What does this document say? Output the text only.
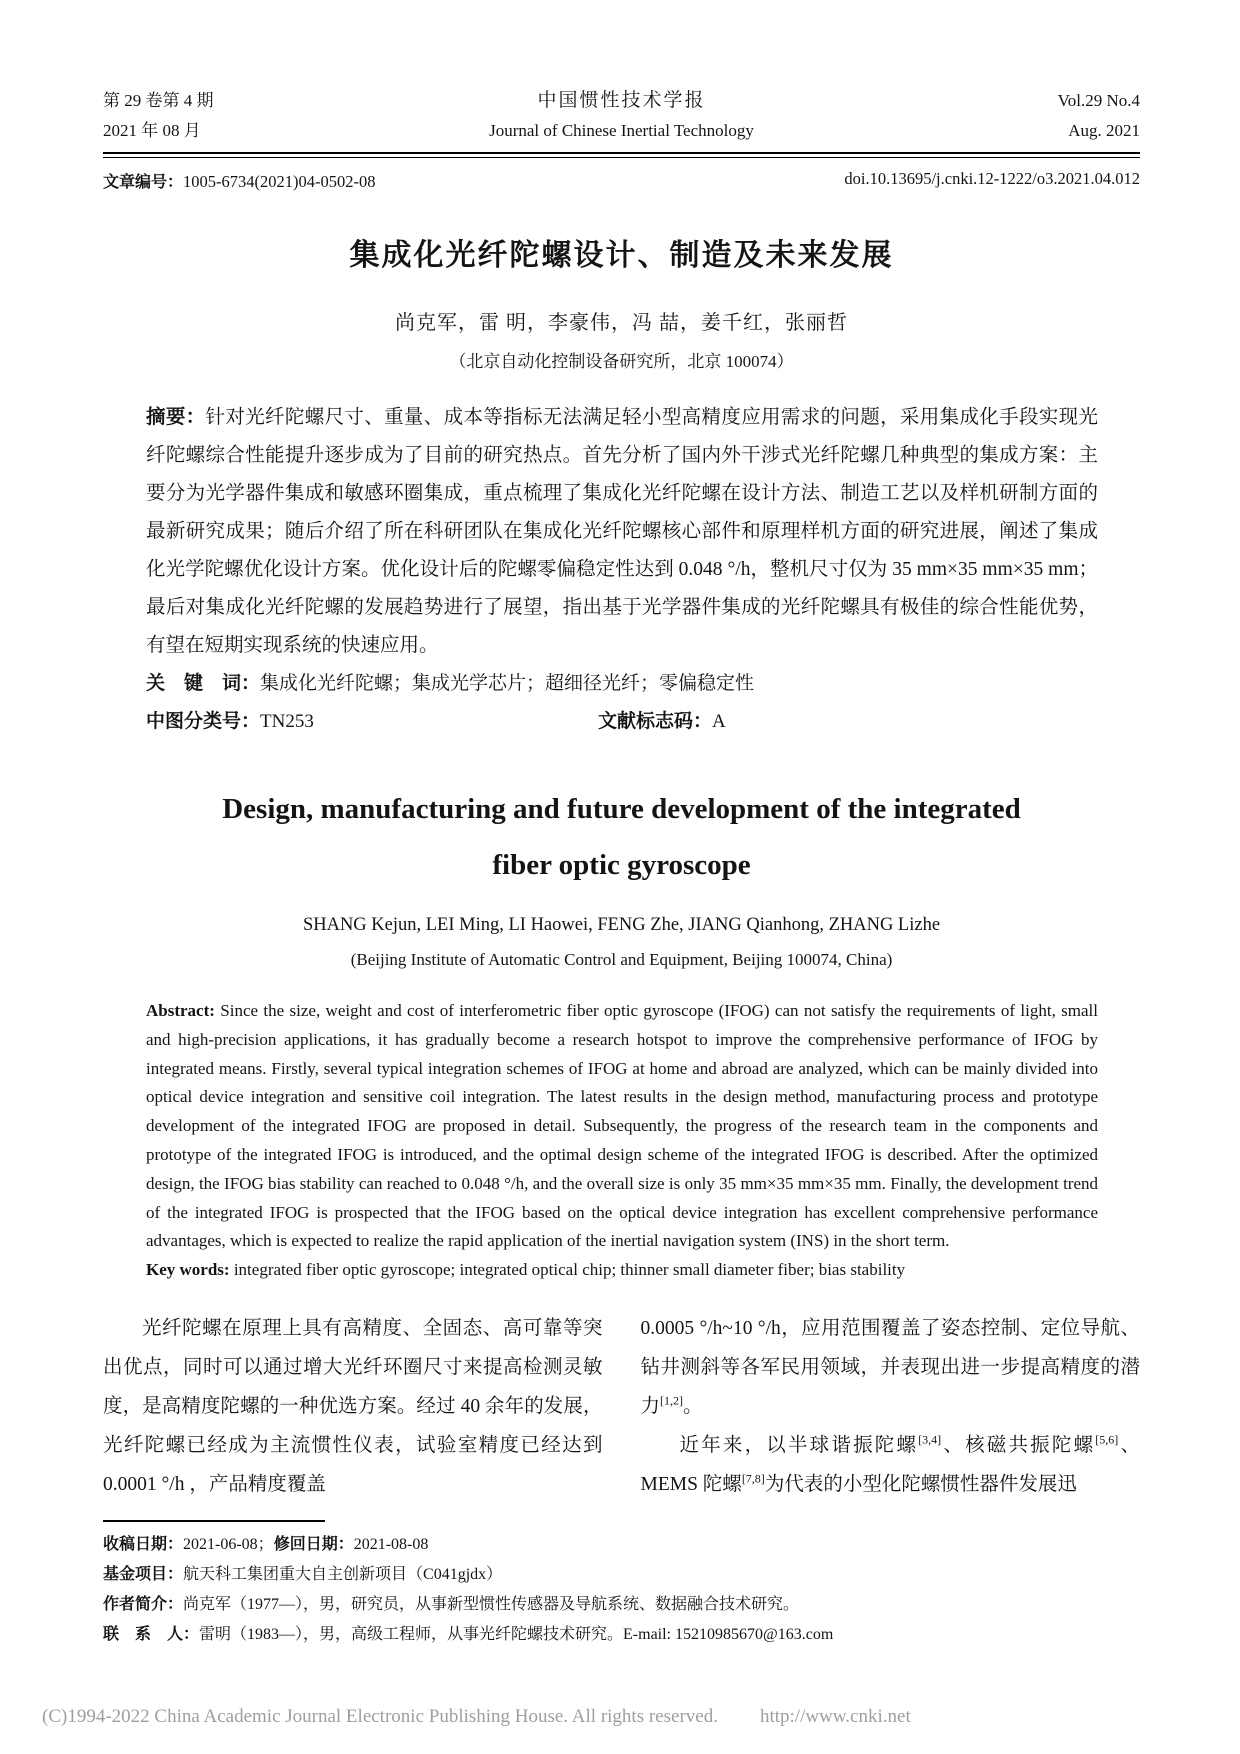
第 29 卷第 4 期
2021 年 08 月
中国惯性技术学报
Journal of Chinese Inertial Technology
Vol.29 No.4
Aug. 2021
文章编号：1005-6734(2021)04-0502-08	doi.10.13695/j.cnki.12-1222/o3.2021.04.012
集成化光纤陀螺设计、制造及未来发展
尚克军，雷 明，李豪伟，冯 喆，姜千红，张丽哲
（北京自动化控制设备研究所，北京 100074）
摘要：针对光纤陀螺尺寸、重量、成本等指标无法满足轻小型高精度应用需求的问题，采用集成化手段实现光纤陀螺综合性能提升逐步成为了目前的研究热点。首先分析了国内外干涉式光纤陀螺几种典型的集成方案：主要分为光学器件集成和敏感环圈集成，重点梳理了集成化光纤陀螺在设计方法、制造工艺以及样机研制方面的最新研究成果；随后介绍了所在科研团队在集成化光纤陀螺核心部件和原理样机方面的研究进展，阐述了集成化光学陀螺优化设计方案。优化设计后的陀螺零偏稳定性达到 0.048 °/h，整机尺寸仅为 35 mm×35 mm×35 mm；最后对集成化光纤陀螺的发展趋势进行了展望，指出基于光学器件集成的光纤陀螺具有极佳的综合性能优势，有望在短期实现系统的快速应用。
关　键　词：集成化光纤陀螺；集成光学芯片；超细径光纤；零偏稳定性
中图分类号：TN253	文献标志码：A
Design, manufacturing and future development of the integrated
fiber optic gyroscope
SHANG Kejun, LEI Ming, LI Haowei, FENG Zhe, JIANG Qianhong, ZHANG Lizhe
(Beijing Institute of Automatic Control and Equipment, Beijing 100074, China)
Abstract: Since the size, weight and cost of interferometric fiber optic gyroscope (IFOG) can not satisfy the requirements of light, small and high-precision applications, it has gradually become a research hotspot to improve the comprehensive performance of IFOG by integrated means. Firstly, several typical integration schemes of IFOG at home and abroad are analyzed, which can be mainly divided into optical device integration and sensitive coil integration. The latest results in the design method, manufacturing process and prototype development of the integrated IFOG are proposed in detail. Subsequently, the progress of the research team in the components and prototype of the integrated IFOG is introduced, and the optimal design scheme of the integrated IFOG is described. After the optimized design, the IFOG bias stability can reached to 0.048 °/h, and the overall size is only 35 mm×35 mm×35 mm. Finally, the development trend of the integrated IFOG is prospected that the IFOG based on the optical device integration has excellent comprehensive performance advantages, which is expected to realize the rapid application of the inertial navigation system (INS) in the short term.
Key words: integrated fiber optic gyroscope; integrated optical chip; thinner small diameter fiber; bias stability
光纤陀螺在原理上具有高精度、全固态、高可靠等突出优点，同时可以通过增大光纤环圈尺寸来提高检测灵敏度，是高精度陀螺的一种优选方案。经过 40 余年的发展，光纤陀螺已经成为主流惯性仪表，试验室精度已经达到 0.0001 °/h ，产品精度覆盖
0.0005 °/h~10 °/h，应用范围覆盖了姿态控制、定位导航、钻井测斜等各军民用领域，并表现出进一步提高精度的潜力[1,2]。
近年来，以半球谐振陀螺[3,4]、核磁共振陀螺[5,6]、MEMS 陀螺[7,8]为代表的小型化陀螺惯性器件发展迅
收稿日期：2021-06-08；修回日期：2021-08-08
基金项目：航天科工集团重大自主创新项目（C041gjdx）
作者简介：尚克军（1977—），男，研究员，从事新型惯性传感器及导航系统、数据融合技术研究。
联　系　人：雷明（1983—），男，高级工程师，从事光纤陀螺技术研究。E-mail: 15210985670@163.com
(C)1994-2022 China Academic Journal Electronic Publishing House. All rights reserved. http://www.cnki.net
